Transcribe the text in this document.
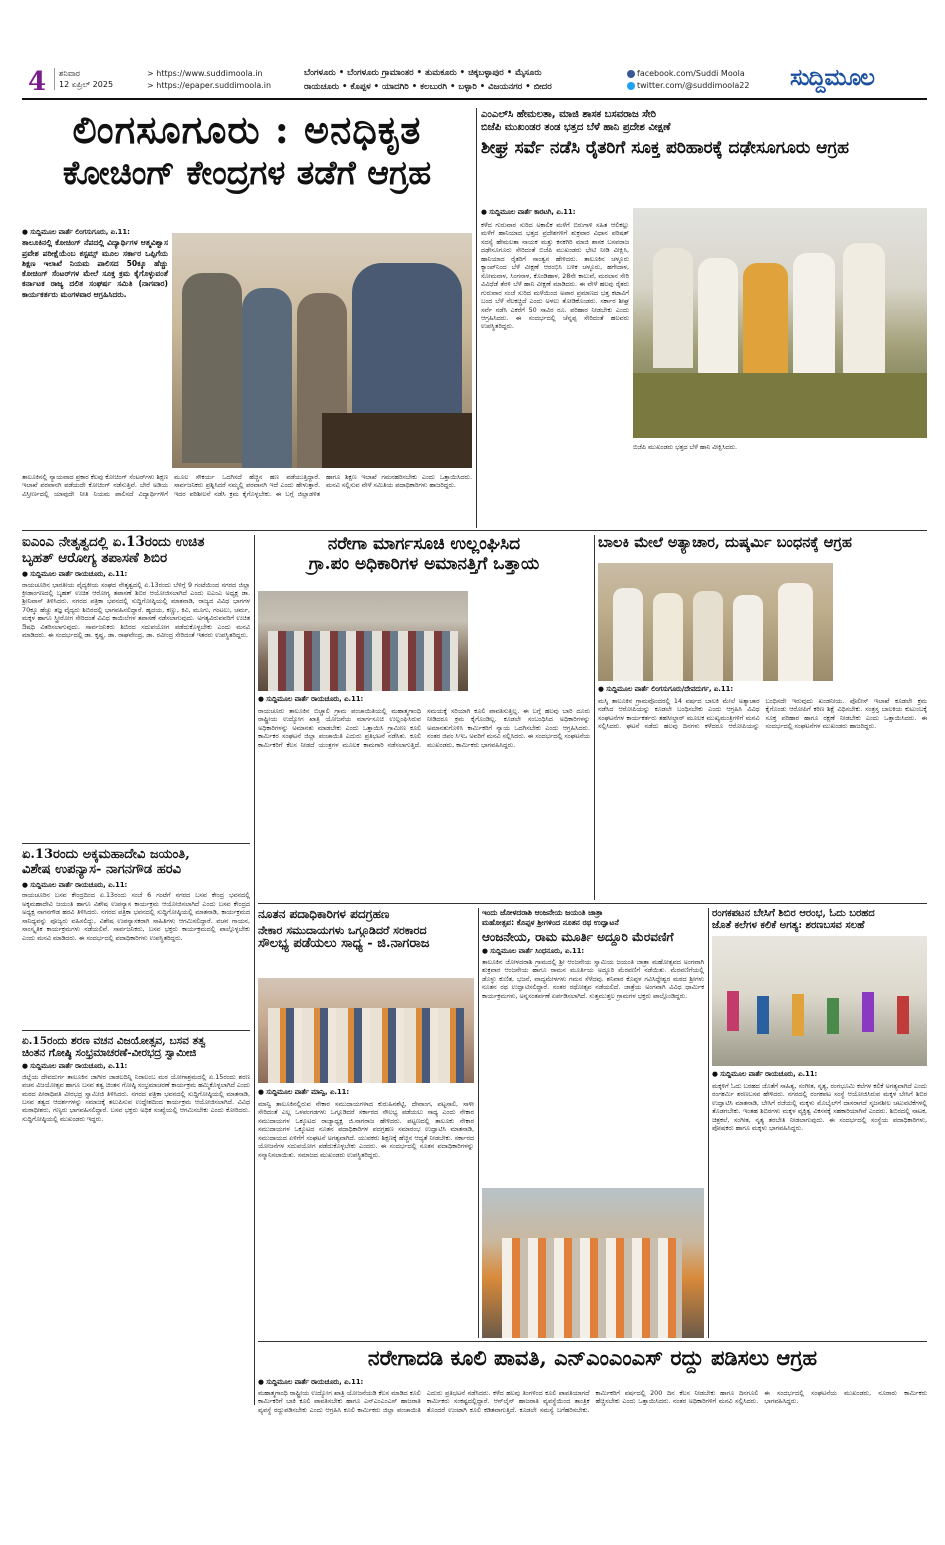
4 ಶನಿವಾರ
12 ಏಪ್ರಿಲ್ 2025
> https://www.suddimoola.in
> https://epaper.suddimoola.in
ಬೆಂಗಳೂರು • ಬೆಂಗಳೂರು ಗ್ರಾಮಾಂತರ • ತುಮಕೂರು • ಚಿಕ್ಕಬಳ್ಳಾಪುರ • ಮೈಸೂರು
ರಾಯಚೂರು • ಕೊಪ್ಪಳ • ಯಾದಗಿರಿ • ಕಲಬುರಗಿ • ಬಳ್ಳಾರಿ • ವಿಜಯನಗರ • ಬೀದರ
facebook.com/Suddi Moola
twitter.com/@suddimoola22 ಸುದ್ದಿಮೂಲ
ಲಿಂಗಸೂಗೂರು : ಅನಧಿಕೃತ
ಕೋಚಿಂಗ್ ಕೇಂದ್ರಗಳ ತಡೆಗೆ ಆಗ್ರಹ
● ಸುದ್ದಿಮೂಲ ವಾರ್ತೆ ಲಿಂಗಸುಗೂರು, ಏ.11:
ತಾಲೂಕಿನಲ್ಲಿ ಕೋಚಿಂಗ್ ನೆಪದಲ್ಲಿ ವಿದ್ಯಾರ್ಥಿಗಳ ಆತ್ಮವಿಶ್ವಾಸ ಪ್ರವೇಶ ಪರೀಕ್ಷೆಯೆಂಬ ಕಸ್ಟಮ್ಸ್ ಮೂಲ ಸರ್ಕಾರ ಒಪ್ಪಿಗೆಯ ಶಿಕ್ಷಣ ಇಲಾಖೆ ನಿಯಮ ಪಾಲಿಸದ 50ಕ್ಕೂ ಹೆಚ್ಚು ಕೋಚಿಂಗ್ ಸೆಂಟರ್‌ಗಳ ಮೇಲೆ ಸೂಕ್ತ ಕ್ರಮ ಕೈಗೊಳ್ಳುವಂತೆ ಕರ್ನಾಟಕ ರಾಜ್ಯ ದಲಿತ ಸಂಘರ್ಷ ಸಮಿತಿ (ನಾಗವಾರ) ಕಾರ್ಯಕರ್ತರು ಮಂಗಳವಾರ ಆಗ್ರಹಿಸಿದರು.
ತಾಲೂಕಿನಲ್ಲಿ ನ್ಯಾಯವಾದ ಪ್ರಕಾರ ಕೆಲವು ಕೋಚಿಂಗ್ ಸೆಂಟರ್‌ಗಳು ಶಿಕ್ಷಣ ಇಲಾಖೆ ಪರವಾನಗಿ ಪಡೆಯದೇ ಕೋಚಿಂಗ್ ನಡೆಸುತ್ತಿವೆ. ಬೇರೆ ಅಡಿಯ ವಿಸ್ತೀರ್ಣದಲ್ಲಿ ಯಾವುದೇ ನೀತಿ ನಿಯಮ ಪಾಲಿಸದೆ ವಿದ್ಯಾರ್ಥಿಗಳಿಗೆ ಮೂಲ ಸೌಕರ್ಯ ಒದಗಿಸದೆ ಹೆಚ್ಚಿನ ಹಣ ಪಡೆಯುತ್ತಿದ್ದಾರೆ. ಸಾರ್ವಜನಿಕರು ಪ್ರಶ್ನಿಸಿದರೆ ನಮ್ಮಲ್ಲಿ ಪರವಾನಗಿ ಇದೆ ಎಂದು ಹೇಳುತ್ತಾರೆ. ಇದರ ಪರಿಶೀಲನೆ ನಡೆಸಿ ಕ್ರಮ ಕೈಗೊಳ್ಳಬೇಕು. ಈ ಬಗ್ಗೆ ಜಿಲ್ಲಾಡಳಿತ ಹಾಗೂ ಶಿಕ್ಷಣ ಇಲಾಖೆ ಗಮನಹರಿಸಬೇಕು ಎಂದು ಒತ್ತಾಯಿಸಿದರು. ಮನವಿ ಸಲ್ಲಿಸುವ ವೇಳೆ ಸಮಿತಿಯ ಪದಾಧಿಕಾರಿಗಳು ಹಾಜರಿದ್ದರು.
ಎಂಎಲ್‌ಸಿ ಹೇಮಲತಾ, ಮಾಜಿ ಶಾಸಕ ಬಸವರಾಜ ಸೇರಿ
ಬಿಜೆಪಿ ಮುಖಂಡರ ತಂಡ ಭತ್ತದ ಬೆಳೆ ಹಾನಿ ಪ್ರದೇಶ ವೀಕ್ಷಣೆ
ಶೀಘ್ರ ಸರ್ವೆ ನಡೆಸಿ ರೈತರಿಗೆ ಸೂಕ್ತ ಪರಿಹಾರಕ್ಕೆ ದಢೇಸೂಗೂರು ಆಗ್ರಹ
● ಸುದ್ದಿಮೂಲ ವಾರ್ತೆ ಕಾರಟಗಿ, ಏ.11:
ಕಳೆದ ಗುರುವಾರ ಸುರಿದ ಅಕಾಲಿಕ ಮಳೆಗೆ ಬಿರುಗಾಳಿ ಸಹಿತ ಆಲಿಕಲ್ಲು ಮಳೆಗೆ ಹಾನಿಯಾದ ಭತ್ತದ ಪ್ರದೇಶಗಳಿಗೆ ಶುಕ್ರವಾರ ವಿಧಾನ ಪರಿಷತ್ ಸದಸ್ಯೆ ಹೇಮಲತಾ ನಾಯಕ ಮತ್ತು ಕನಕಗಿರಿ ಮಾಜಿ ಶಾಸಕ ಬಸವರಾಜ ದಢೇಸೂಗೂರು ಸೇರಿದಂತೆ ಬಿಜೆಪಿ ಮುಖಂಡರು ಭೇಟಿ ನೀಡಿ ವೀಕ್ಷಿಸಿ, ಹಾನಿಯಾದ ರೈತರಿಗೆ ಸಾಂತ್ವನ ಹೇಳಿದರು. ತಾಲೂಕಿನ ಚಳ್ಳೂರು ಕ್ಯಾಂಪ್‌ನಿಂದ ಬೆಳೆ ವೀಕ್ಷಣೆ ಆರಂಭಿಸಿ ಬಳಿಕ ಚಳ್ಳೂರು, ಹಗೇದಾಳ, ಸೋಮನಾಳ, ಸಿಂಗನಾಳ, ಕೊಂಡಿಹಾಳ, 28ನೇ ಕಾಲುವೆ, ಮರಲಾನ ಸೇರಿ ವಿವಿಧೆಡೆ ತೆರಳಿ ಬೆಳೆ ಹಾನಿ ವೀಕ್ಷಣೆ ಮಾಡಿದರು. ಈ ವೇಳೆ ಹಲವು ರೈತರು ಗುರುವಾರ ಸಂಜೆ ಸುರಿದ ಮಳೆಯಿಂದ ಅಪಾರ ಪ್ರಮಾಣದ ಭತ್ತ ಕಟಾವಿಗೆ ಬಂದ ಬೆಳೆ ನೆಲಕಚ್ಚಿದೆ ಎಂದು ಅಳಲು ತೋಡಿಕೊಂಡರು. ಸರ್ಕಾರ ಶೀಘ್ರ ಸರ್ವೆ ನಡೆಸಿ ಎಕರೆಗೆ 50 ಸಾವಿರ ರೂ. ಪರಿಹಾರ ನೀಡಬೇಕು ಎಂದು ಆಗ್ರಹಿಸಿದರು. ಈ ಸಂದರ್ಭದಲ್ಲಿ ಚೆನ್ನಪ್ಪ ಸೇರಿದಂತೆ ಹಲವರು ಉಪಸ್ಥಿತರಿದ್ದರು.
ಬಿಜೆಪಿ ಮುಖಂಡರು ಭತ್ತದ ಬೆಳೆ ಹಾನಿ ವೀಕ್ಷಿಸಿದರು.
ಐಎಂಎ ನೇತೃತ್ವದಲ್ಲಿ ಏ.13ರಂದು ಉಚಿತ
ಬೃಹತ್ ಆರೋಗ್ಯ ತಪಾಸಣೆ ಶಿಬಿರ
● ಸುದ್ದಿಮೂಲ ವಾರ್ತೆ ರಾಯಚೂರು, ಏ.11:
ರಾಯಚೂರಿನ ಭಾರತೀಯ ವೈದ್ಯಕೀಯ ಸಂಘದ ನೇತೃತ್ವದಲ್ಲಿ ಏ.13ರಂದು ಬೆಳಿಗ್ಗೆ 9 ಗಂಟೆಯಿಂದ ನಗರದ ಜಿಲ್ಲಾ ಕ್ರೀಡಾಂಗಣದಲ್ಲಿ ಬೃಹತ್ ಉಚಿತ ಆರೋಗ್ಯ ತಪಾಸಣೆ ಶಿಬಿರ ಆಯೋಜಿಸಲಾಗಿದೆ ಎಂದು ಐಎಂಎ ಅಧ್ಯಕ್ಷ ಡಾ. ಶ್ರೀನಿವಾಸ್ ತಿಳಿಸಿದರು. ನಗರದ ಪತ್ರಿಕಾ ಭವನದಲ್ಲಿ ಸುದ್ದಿಗೋಷ್ಠಿಯಲ್ಲಿ ಮಾತನಾಡಿ, ರಾಜ್ಯದ ವಿವಿಧ ಭಾಗಗಳ 70ಕ್ಕೂ ಹೆಚ್ಚು ತಜ್ಞ ವೈದ್ಯರು ಶಿಬಿರದಲ್ಲಿ ಭಾಗವಹಿಸಲಿದ್ದಾರೆ. ಹೃದಯ, ಕಣ್ಣು, ಕಿವಿ, ಮೂಗು, ಗಂಟಲು, ಚರ್ಮ, ಮಕ್ಕಳ ಹಾಗೂ ಸ್ತ್ರೀರೋಗ ಸೇರಿದಂತೆ ವಿವಿಧ ಕಾಯಿಲೆಗಳ ತಪಾಸಣೆ ನಡೆಸಲಾಗುವುದು. ಅಗತ್ಯವಿರುವವರಿಗೆ ಉಚಿತ ಔಷಧಿ ವಿತರಿಸಲಾಗುವುದು. ಸಾರ್ವಜನಿಕರು ಶಿಬಿರದ ಸದುಪಯೋಗ ಪಡೆದುಕೊಳ್ಳಬೇಕು ಎಂದು ಮನವಿ ಮಾಡಿದರು. ಈ ಸಂದರ್ಭದಲ್ಲಿ ಡಾ. ಕೃಷ್ಣ, ಡಾ. ರಾಘವೇಂದ್ರ, ಡಾ. ರವೀಂದ್ರ ಸೇರಿದಂತೆ ಇತರರು ಉಪಸ್ಥಿತರಿದ್ದರು.
ನರೇಗಾ ಮಾರ್ಗಸೂಚಿ ಉಲ್ಲಂಘಿಸಿದ
ಗ್ರಾ.ಪಂ ಅಧಿಕಾರಿಗಳ ಅಮಾನತ್ತಿಗೆ ಒತ್ತಾಯ
● ಸುದ್ದಿಮೂಲ ವಾರ್ತೆ ರಾಯಚೂರು, ಏ.11:
ರಾಯಚೂರು ತಾಲೂಕಿನ ಬಿಚ್ಚಾಲಿ ಗ್ರಾಮ ಪಂಚಾಯಿತಿಯಲ್ಲಿ ಮಹಾತ್ಮಗಾಂಧಿ ರಾಷ್ಟ್ರೀಯ ಉದ್ಯೋಗ ಖಾತ್ರಿ ಯೋಜನೆಯ ಮಾರ್ಗಸೂಚಿ ಉಲ್ಲಂಘಿಸಿರುವ ಅಧಿಕಾರಿಗಳನ್ನು ಅಮಾನತು ಮಾಡಬೇಕು ಎಂದು ಒತ್ತಾಯಿಸಿ ಗ್ರಾಮೀಣ ಕೂಲಿ ಕಾರ್ಮಿಕರ ಸಂಘಟನೆ ಜಿಲ್ಲಾ ಪಂಚಾಯಿತಿ ಎದುರು ಪ್ರತಿಭಟನೆ ನಡೆಸಿತು. ಕೂಲಿ ಕಾರ್ಮಿಕರಿಗೆ ಕೆಲಸ ನೀಡದೆ ಯಂತ್ರಗಳ ಮೂಲಕ ಕಾಮಗಾರಿ ನಡೆಸಲಾಗುತ್ತಿದೆ. ಸಮಯಕ್ಕೆ ಸರಿಯಾಗಿ ಕೂಲಿ ಪಾವತಿಸುತ್ತಿಲ್ಲ. ಈ ಬಗ್ಗೆ ಹಲವು ಬಾರಿ ದೂರು ನೀಡಿದರೂ ಕ್ರಮ ಕೈಗೊಂಡಿಲ್ಲ. ಕೂಡಲೇ ಸಂಬಂಧಿಸಿದ ಅಧಿಕಾರಿಗಳನ್ನು ಅಮಾನತುಗೊಳಿಸಿ ಕಾರ್ಮಿಕರಿಗೆ ನ್ಯಾಯ ಒದಗಿಸಬೇಕು ಎಂದು ಆಗ್ರಹಿಸಿದರು. ನಂತರ ಜಿಪಂ ಸಿಇಒ ಅವರಿಗೆ ಮನವಿ ಸಲ್ಲಿಸಿದರು. ಈ ಸಂದರ್ಭದಲ್ಲಿ ಸಂಘಟನೆಯ ಮುಖಂಡರು, ಕಾರ್ಮಿಕರು ಭಾಗವಹಿಸಿದ್ದರು.
ಬಾಲಕಿ ಮೇಲೆ ಅತ್ಯಾಚಾರ, ದುಷ್ಕರ್ಮಿ ಬಂಧನಕ್ಕೆ ಆಗ್ರಹ
● ಸುದ್ದಿಮೂಲ ವಾರ್ತೆ ಲಿಂಗಸುಗೂರು/ದೇವದುರ್ಗ, ಏ.11:
ಮಸ್ಕಿ ತಾಲೂಕಿನ ಗ್ರಾಮವೊಂದರಲ್ಲಿ 14 ವರ್ಷದ ಬಾಲಕಿ ಮೇಲೆ ಅತ್ಯಾಚಾರ ನಡೆಸಿದ ಆರೋಪಿಯನ್ನು ಕೂಡಲೇ ಬಂಧಿಸಬೇಕು ಎಂದು ಆಗ್ರಹಿಸಿ ವಿವಿಧ ಸಂಘಟನೆಗಳ ಕಾರ್ಯಕರ್ತರು ತಹಸೀಲ್ದಾರ್ ಮೂಲಕ ಮುಖ್ಯಮಂತ್ರಿಗಳಿಗೆ ಮನವಿ ಸಲ್ಲಿಸಿದರು. ಘಟನೆ ನಡೆದು ಹಲವು ದಿನಗಳು ಕಳೆದರೂ ಆರೋಪಿಯನ್ನು ಬಂಧಿಸದೇ ಇರುವುದು ಖಂಡನೀಯ. ಪೊಲೀಸ್ ಇಲಾಖೆ ಕೂಡಲೇ ಕ್ರಮ ಕೈಗೊಂಡು ಆರೋಪಿಗೆ ಕಠಿಣ ಶಿಕ್ಷೆ ವಿಧಿಸಬೇಕು. ಸಂತ್ರಸ್ತ ಬಾಲಕಿಯ ಕುಟುಂಬಕ್ಕೆ ಸೂಕ್ತ ಪರಿಹಾರ ಹಾಗೂ ರಕ್ಷಣೆ ನೀಡಬೇಕು ಎಂದು ಒತ್ತಾಯಿಸಿದರು. ಈ ಸಂದರ್ಭದಲ್ಲಿ ಸಂಘಟನೆಗಳ ಮುಖಂಡರು ಹಾಜರಿದ್ದರು.
ಏ.13ರಂದು ಅಕ್ಕಮಹಾದೇವಿ ಜಯಂತಿ,
ವಿಶೇಷ ಉಪನ್ಯಾಸ- ನಾಗನಗೌಡ ಹರವಿ
● ಸುದ್ದಿಮೂಲ ವಾರ್ತೆ ರಾಯಚೂರು, ಏ.11:
ರಾಯಚೂರಿನ ಬಸವ ಕೇಂದ್ರದಿಂದ ಏ.13ರಂದು ಸಂಜೆ 6 ಗಂಟೆಗೆ ನಗರದ ಬಸವ ಕೇಂದ್ರ ಭವನದಲ್ಲಿ ಅಕ್ಕಮಹಾದೇವಿ ಜಯಂತಿ ಹಾಗೂ ವಿಶೇಷ ಉಪನ್ಯಾಸ ಕಾರ್ಯಕ್ರಮ ಆಯೋಜಿಸಲಾಗಿದೆ ಎಂದು ಬಸವ ಕೇಂದ್ರದ ಅಧ್ಯಕ್ಷ ನಾಗನಗೌಡ ಹರವಿ ತಿಳಿಸಿದರು. ನಗರದ ಪತ್ರಿಕಾ ಭವನದಲ್ಲಿ ಸುದ್ದಿಗೋಷ್ಠಿಯಲ್ಲಿ ಮಾತನಾಡಿ, ಕಾರ್ಯಕ್ರಮದ ಸಾನಿಧ್ಯವನ್ನು ಪೂಜ್ಯರು ವಹಿಸಲಿದ್ದು, ವಿಶೇಷ ಉಪನ್ಯಾಸಕರಾಗಿ ಸಾಹಿತಿಗಳು ಆಗಮಿಸಲಿದ್ದಾರೆ. ವಚನ ಗಾಯನ, ಸಾಂಸ್ಕೃತಿಕ ಕಾರ್ಯಕ್ರಮಗಳು ನಡೆಯಲಿವೆ. ಸಾರ್ವಜನಿಕರು, ಬಸವ ಭಕ್ತರು ಕಾರ್ಯಕ್ರಮದಲ್ಲಿ ಪಾಲ್ಗೊಳ್ಳಬೇಕು ಎಂದು ಮನವಿ ಮಾಡಿದರು. ಈ ಸಂದರ್ಭದಲ್ಲಿ ಪದಾಧಿಕಾರಿಗಳು ಉಪಸ್ಥಿತರಿದ್ದರು.
ಏ.15ರಂದು ಶರಣ ವಚನ ವಿಜಯೋತ್ಸವ, ಬಸವ ತತ್ವ
ಚಿಂತನ ಗೋಷ್ಠಿ ಸಂಭ್ರಮಾಚರಣೆ-ವೀರಭದ್ರ ಸ್ವಾಮೀಜಿ
● ಸುದ್ದಿಮೂಲ ವಾರ್ತೆ ರಾಯಚೂರು, ಏ.11:
ಜಿಲ್ಲೆಯ ದೇವದುರ್ಗ ತಾಲೂಕಿನ ಜಾಗೀರ ಜಾಡಲದಿನ್ನಿ ನಿರಾಲಂಬ ಮಠ ಯೋಗಾಶ್ರಮದಲ್ಲಿ ಏ.15ರಂದು ಶರಣ ವಚನ ವಿಜಯೋತ್ಸವ ಹಾಗೂ ಬಸವ ತತ್ವ ಚಿಂತನ ಗೋಷ್ಠಿ ಸಂಭ್ರಮಾಚರಣೆ ಕಾರ್ಯಕ್ರಮ ಹಮ್ಮಿಕೊಳ್ಳಲಾಗಿದೆ ಎಂದು ಮಠದ ಪೀಠಾಧಿಪತಿ ವೀರಭದ್ರ ಸ್ವಾಮೀಜಿ ತಿಳಿಸಿದರು. ನಗರದ ಪತ್ರಿಕಾ ಭವನದಲ್ಲಿ ಸುದ್ದಿಗೋಷ್ಠಿಯಲ್ಲಿ ಮಾತನಾಡಿ, ಬಸವ ತತ್ವದ ಆದರ್ಶಗಳನ್ನು ಸಮಾಜಕ್ಕೆ ತಲುಪಿಸುವ ಉದ್ದೇಶದಿಂದ ಕಾರ್ಯಕ್ರಮ ಆಯೋಜಿಸಲಾಗಿದೆ. ವಿವಿಧ ಮಠಾಧೀಶರು, ಗಣ್ಯರು ಭಾಗವಹಿಸಲಿದ್ದಾರೆ. ಬಸವ ಭಕ್ತರು ಅಧಿಕ ಸಂಖ್ಯೆಯಲ್ಲಿ ಆಗಮಿಸಬೇಕು ಎಂದು ಕೋರಿದರು. ಸುದ್ದಿಗೋಷ್ಠಿಯಲ್ಲಿ ಮುಖಂಡರು ಇದ್ದರು.
ನೂತನ ಪದಾಧಿಕಾರಿಗಳ ಪದಗ್ರಹಣ
ನೇಕಾರ ಸಮುದಾಯಗಳು ಒಗ್ಗೂಡಿದರೆ ಸರಕಾರದ
ಸೌಲಭ್ಯ ಪಡೆಯಲು ಸಾಧ್ಯ - ಜಿ.ನಾಗರಾಜ
● ಸುದ್ದಿಮೂಲ ವಾರ್ತೆ ಮಾನ್ವಿ, ಏ.11:
ಮಾನ್ವಿ ತಾಲೂಕಿನಲ್ಲಿರುವ ನೇಕಾರ ಸಮುದಾಯಗಳಾದ ಕುರುಹಿನಶೆಟ್ಟಿ, ದೇವಾಂಗ, ಪಟ್ಟಸಾಲಿ, ಸಾಳೀ ಸೇರಿದಂತೆ ಎಲ್ಲ ಒಳಪಂಗಡಗಳು ಒಗ್ಗೂಡಿದರೆ ಸರ್ಕಾರದ ಸೌಲಭ್ಯ ಪಡೆಯಲು ಸಾಧ್ಯ ಎಂದು ನೇಕಾರ ಸಮುದಾಯಗಳ ಒಕ್ಕೂಟದ ರಾಜ್ಯಾಧ್ಯಕ್ಷ ಜಿ.ನಾಗರಾಜ ಹೇಳಿದರು. ಪಟ್ಟಣದಲ್ಲಿ ತಾಲೂಕು ನೇಕಾರ ಸಮುದಾಯಗಳ ಒಕ್ಕೂಟದ ನೂತನ ಪದಾಧಿಕಾರಿಗಳ ಪದಗ್ರಹಣ ಸಮಾರಂಭ ಉದ್ಘಾಟಿಸಿ ಮಾತನಾಡಿ, ಸಮುದಾಯದ ಏಳಿಗೆಗೆ ಸಂಘಟನೆ ಅಗತ್ಯವಾಗಿದೆ. ಯುವಕರು ಶಿಕ್ಷಣಕ್ಕೆ ಹೆಚ್ಚಿನ ಆದ್ಯತೆ ನೀಡಬೇಕು. ಸರ್ಕಾರದ ಯೋಜನೆಗಳ ಸದುಪಯೋಗ ಪಡೆದುಕೊಳ್ಳಬೇಕು ಎಂದರು. ಈ ಸಂದರ್ಭದಲ್ಲಿ ನೂತನ ಪದಾಧಿಕಾರಿಗಳನ್ನು ಸನ್ಮಾನಿಸಲಾಯಿತು. ಸಮಾಜದ ಮುಖಂಡರು ಉಪಸ್ಥಿತರಿದ್ದರು.
ಇಂದು ಜೋಳದರಾಶಿ ಆಂಜನೇಯ ಜಯಂತಿ ಜಾತ್ರಾ
ಮಹೋತ್ಸವ: ಕೊಪ್ಪಳ ಶ್ರೀಗಳಿಂದ ನೂತನ ರಥ ಉದ್ಘಾಟನೆ
ಆಂಜನೇಯ, ರಾಮ ಮೂರ್ತಿ ಅದ್ದೂರಿ ಮೆರವಣಿಗೆ
● ಸುದ್ದಿಮೂಲ ವಾರ್ತೆ ಸಿಂಧನೂರು, ಏ.11:
ತಾಲೂಕಿನ ಜೋಳದರಾಶಿ ಗ್ರಾಮದಲ್ಲಿ ಶ್ರೀ ಆಂಜನೇಯ ಸ್ವಾಮಿಯ ಜಯಂತಿ ಜಾತ್ರಾ ಮಹೋತ್ಸವದ ಅಂಗವಾಗಿ ಶುಕ್ರವಾರ ಆಂಜನೇಯ ಹಾಗೂ ರಾಮನ ಮೂರ್ತಿಯ ಅದ್ದೂರಿ ಮೆರವಣಿಗೆ ನಡೆಯಿತು. ಮೆರವಣಿಗೆಯಲ್ಲಿ ಡೊಳ್ಳು ಕುಣಿತ, ಭಜನೆ, ವಾದ್ಯಮೇಳಗಳು ಗಮನ ಸೆಳೆದವು. ಶನಿವಾರ ಕೊಪ್ಪಳ ಗವಿಸಿದ್ಧೇಶ್ವರ ಮಠದ ಶ್ರೀಗಳು ನೂತನ ರಥ ಉದ್ಘಾಟಿಸಲಿದ್ದಾರೆ. ನಂತರ ರಥೋತ್ಸವ ನಡೆಯಲಿದೆ. ಜಾತ್ರೆಯ ಅಂಗವಾಗಿ ವಿವಿಧ ಧಾರ್ಮಿಕ ಕಾರ್ಯಕ್ರಮಗಳು, ಅನ್ನಸಂತರ್ಪಣೆ ಏರ್ಪಡಿಸಲಾಗಿದೆ. ಸುತ್ತಮುತ್ತಲ ಗ್ರಾಮಗಳ ಭಕ್ತರು ಪಾಲ್ಗೊಂಡಿದ್ದರು.
ರಂಗಕಪಟನ ಬೇಸಿಗೆ ಶಿಬಿರ ಆರಂಭ, ಓದು ಬರಹದ
ಜೊತೆ ಕಲೆಗಳ ಕಲಿಕೆ ಅಗತ್ಯ: ಶರಣಬಸವ ಸಲಹೆ
● ಸುದ್ದಿಮೂಲ ವಾರ್ತೆ ರಾಯಚೂರು, ಏ.11:
ಮಕ್ಕಳಿಗೆ ಓದು ಬರಹದ ಜೊತೆಗೆ ಸಾಹಿತ್ಯ, ಸಂಗೀತ, ನೃತ್ಯ, ರಂಗಭೂಮಿ ಕಲೆಗಳ ಕಲಿಕೆ ಅಗತ್ಯವಾಗಿದೆ ಎಂದು ರಂಗಕರ್ಮಿ ಶರಣಬಸವ ಹೇಳಿದರು. ನಗರದಲ್ಲಿ ರಂಗಕಪಟ ಸಂಸ್ಥೆ ಆಯೋಜಿಸಿರುವ ಮಕ್ಕಳ ಬೇಸಿಗೆ ಶಿಬಿರ ಉದ್ಘಾಟಿಸಿ ಮಾತನಾಡಿ, ಬೇಸಿಗೆ ರಜೆಯಲ್ಲಿ ಮಕ್ಕಳು ಮೊಬೈಲ್‌ಗೆ ದಾಸರಾಗದೆ ಸೃಜನಶೀಲ ಚಟುವಟಿಕೆಗಳಲ್ಲಿ ತೊಡಗಬೇಕು. ಇಂತಹ ಶಿಬಿರಗಳು ಮಕ್ಕಳ ವ್ಯಕ್ತಿತ್ವ ವಿಕಸನಕ್ಕೆ ಸಹಕಾರಿಯಾಗಿವೆ ಎಂದರು. ಶಿಬಿರದಲ್ಲಿ ನಾಟಕ, ಚಿತ್ರಕಲೆ, ಸಂಗೀತ, ನೃತ್ಯ ತರಬೇತಿ ನೀಡಲಾಗುವುದು. ಈ ಸಂದರ್ಭದಲ್ಲಿ ಸಂಸ್ಥೆಯ ಪದಾಧಿಕಾರಿಗಳು, ಪೋಷಕರು ಹಾಗೂ ಮಕ್ಕಳು ಭಾಗವಹಿಸಿದ್ದರು.
ನರೇಗಾದಡಿ ಕೂಲಿ ಪಾವತಿ, ಎನ್ಎಂಎಂಎಸ್ ರದ್ದು ಪಡಿಸಲು ಆಗ್ರಹ
● ಸುದ್ದಿಮೂಲ ವಾರ್ತೆ ರಾಯಚೂರು, ಏ.11:
ಮಹಾತ್ಮಗಾಂಧಿ ರಾಷ್ಟ್ರೀಯ ಉದ್ಯೋಗ ಖಾತ್ರಿ ಯೋಜನೆಯಡಿ ಕೆಲಸ ಮಾಡಿದ ಕೂಲಿ ಕಾರ್ಮಿಕರಿಗೆ ಬಾಕಿ ಕೂಲಿ ಪಾವತಿಸಬೇಕು ಹಾಗೂ ಎನ್ಎಂಎಂಎಸ್ ಹಾಜರಾತಿ ವ್ಯವಸ್ಥೆ ರದ್ದುಪಡಿಸಬೇಕು ಎಂದು ಆಗ್ರಹಿಸಿ ಕೂಲಿ ಕಾರ್ಮಿಕರು ಜಿಲ್ಲಾ ಪಂಚಾಯಿತಿ ಎದುರು ಪ್ರತಿಭಟನೆ ನಡೆಸಿದರು. ಕಳೆದ ಹಲವು ತಿಂಗಳಿಂದ ಕೂಲಿ ಪಾವತಿಯಾಗದೆ ಕಾರ್ಮಿಕರು ಸಂಕಷ್ಟದಲ್ಲಿದ್ದಾರೆ. ಆನ್‌ಲೈನ್ ಹಾಜರಾತಿ ವ್ಯವಸ್ಥೆಯಿಂದ ತಾಂತ್ರಿಕ ತೊಂದರೆ ಉಂಟಾಗಿ ಕೂಲಿ ಕಡಿತವಾಗುತ್ತಿದೆ. ಕೂಡಲೇ ಸಮಸ್ಯೆ ಬಗೆಹರಿಸಬೇಕು. ಕಾರ್ಮಿಕರಿಗೆ ವರ್ಷದಲ್ಲಿ 200 ದಿನ ಕೆಲಸ ನೀಡಬೇಕು ಹಾಗೂ ದಿನಗೂಲಿ ಹೆಚ್ಚಿಸಬೇಕು ಎಂದು ಒತ್ತಾಯಿಸಿದರು. ನಂತರ ಅಧಿಕಾರಿಗಳಿಗೆ ಮನವಿ ಸಲ್ಲಿಸಿದರು. ಈ ಸಂದರ್ಭದಲ್ಲಿ ಸಂಘಟನೆಯ ಮುಖಂಡರು, ನೂರಾರು ಕಾರ್ಮಿಕರು ಭಾಗವಹಿಸಿದ್ದರು.
